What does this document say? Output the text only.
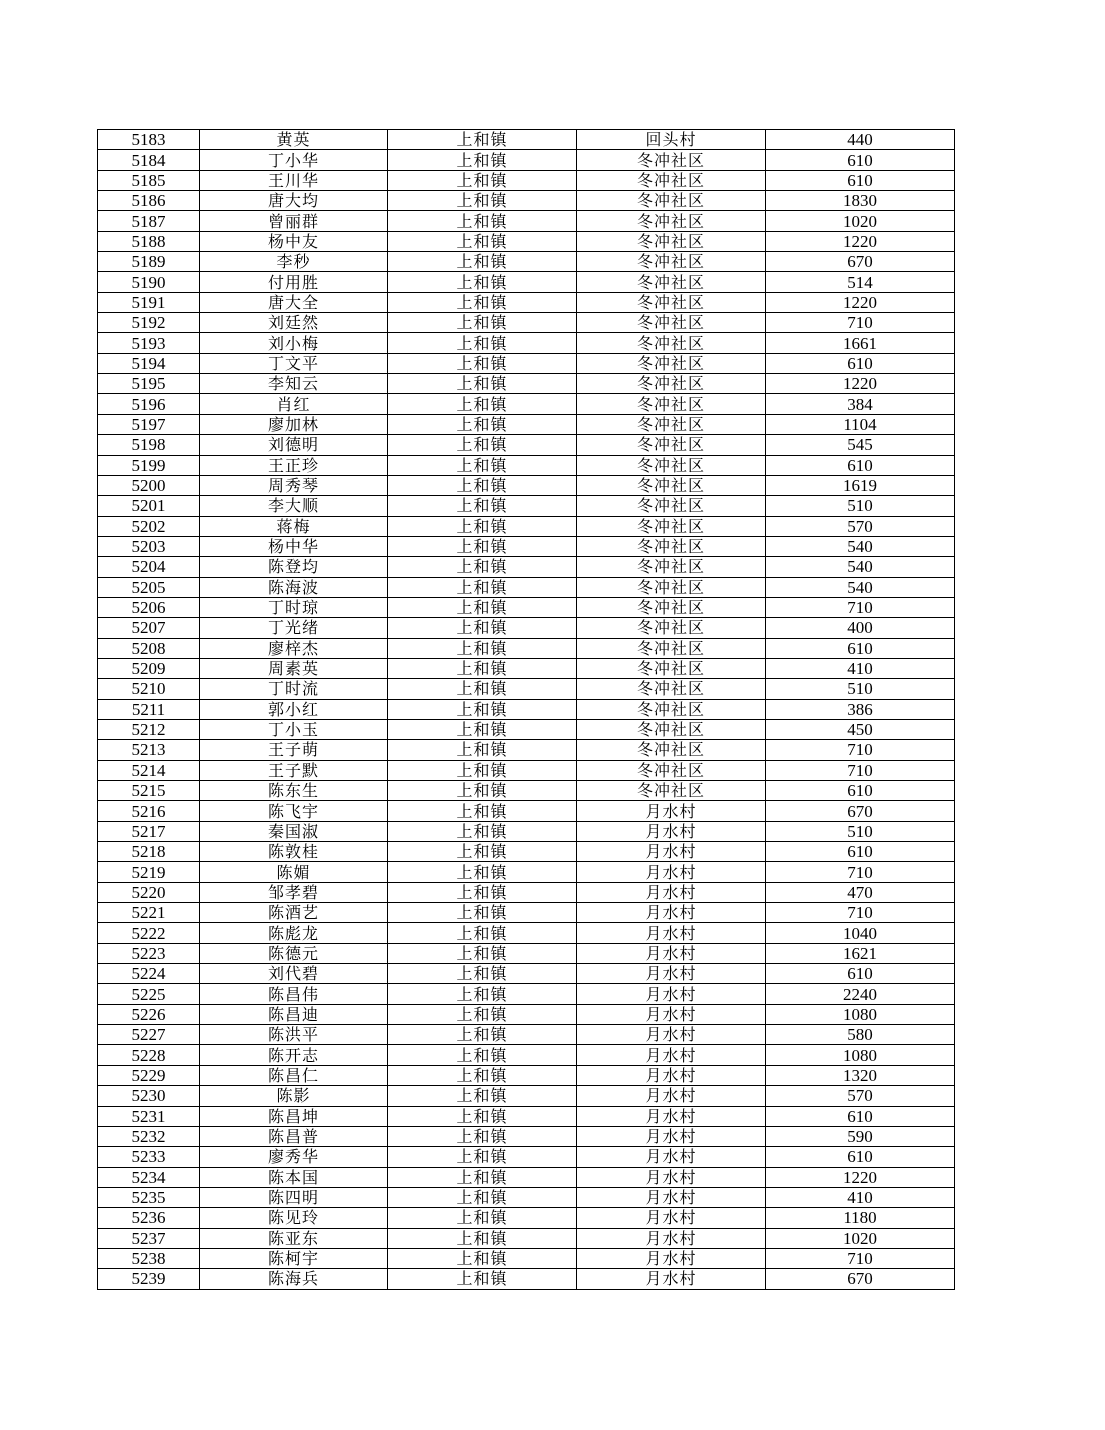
5183	黄英	上和镇	回头村	440
5184	丁小华	上和镇	冬冲社区	610
5185	王川华	上和镇	冬冲社区	610
5186	唐大均	上和镇	冬冲社区	1830
5187	曾丽群	上和镇	冬冲社区	1020
5188	杨中友	上和镇	冬冲社区	1220
5189	李秒	上和镇	冬冲社区	670
5190	付用胜	上和镇	冬冲社区	514
5191	唐大全	上和镇	冬冲社区	1220
5192	刘廷然	上和镇	冬冲社区	710
5193	刘小梅	上和镇	冬冲社区	1661
5194	丁文平	上和镇	冬冲社区	610
5195	李知云	上和镇	冬冲社区	1220
5196	肖红	上和镇	冬冲社区	384
5197	廖加林	上和镇	冬冲社区	1104
5198	刘德明	上和镇	冬冲社区	545
5199	王正珍	上和镇	冬冲社区	610
5200	周秀琴	上和镇	冬冲社区	1619
5201	李大顺	上和镇	冬冲社区	510
5202	蒋梅	上和镇	冬冲社区	570
5203	杨中华	上和镇	冬冲社区	540
5204	陈登均	上和镇	冬冲社区	540
5205	陈海波	上和镇	冬冲社区	540
5206	丁时琼	上和镇	冬冲社区	710
5207	丁光绪	上和镇	冬冲社区	400
5208	廖梓杰	上和镇	冬冲社区	610
5209	周素英	上和镇	冬冲社区	410
5210	丁时流	上和镇	冬冲社区	510
5211	郭小红	上和镇	冬冲社区	386
5212	丁小玉	上和镇	冬冲社区	450
5213	王子萌	上和镇	冬冲社区	710
5214	王子默	上和镇	冬冲社区	710
5215	陈东生	上和镇	冬冲社区	610
5216	陈飞宇	上和镇	月水村	670
5217	秦国淑	上和镇	月水村	510
5218	陈敦桂	上和镇	月水村	610
5219	陈媚	上和镇	月水村	710
5220	邹孝碧	上和镇	月水村	470
5221	陈酒艺	上和镇	月水村	710
5222	陈彪龙	上和镇	月水村	1040
5223	陈德元	上和镇	月水村	1621
5224	刘代碧	上和镇	月水村	610
5225	陈昌伟	上和镇	月水村	2240
5226	陈昌迪	上和镇	月水村	1080
5227	陈洪平	上和镇	月水村	580
5228	陈开志	上和镇	月水村	1080
5229	陈昌仁	上和镇	月水村	1320
5230	陈影	上和镇	月水村	570
5231	陈昌坤	上和镇	月水村	610
5232	陈昌普	上和镇	月水村	590
5233	廖秀华	上和镇	月水村	610
5234	陈本国	上和镇	月水村	1220
5235	陈四明	上和镇	月水村	410
5236	陈见玲	上和镇	月水村	1180
5237	陈亚东	上和镇	月水村	1020
5238	陈柯宇	上和镇	月水村	710
5239	陈海兵	上和镇	月水村	670
